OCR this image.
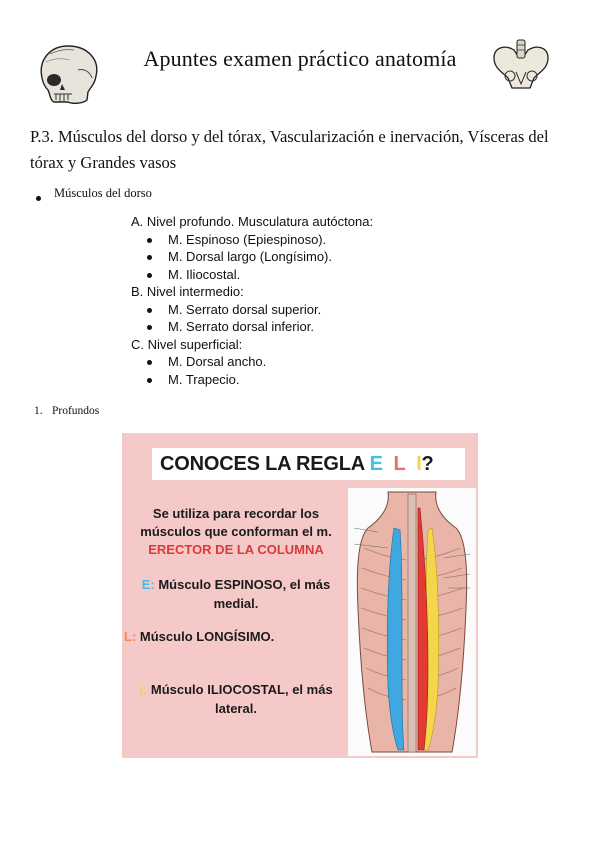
Apuntes examen práctico anatomía
P.3. Músculos del dorso y del tórax, Vascularización e inervación, Vísceras del tórax y Grandes vasos
Músculos del dorso
A. Nivel profundo. Musculatura autóctona:
M. Espinoso (Epiespinoso).
M. Dorsal largo (Longísimo).
M. Iliocostal.
B. Nivel intermedio:
M. Serrato dorsal superior.
M. Serrato dorsal inferior.
C. Nivel superficial:
M. Dorsal ancho.
M. Trapecio.
1. Profundos
CONOCES LA REGLA E L I?
Se utiliza para recordar los
músculos que conforman el m.
ERECTOR DE LA COLUMNA
E: Músculo ESPINOSO, el más
medial.
L: Músculo LONGÍSIMO.
I: Músculo ILIOCOSTAL, el más
lateral.
